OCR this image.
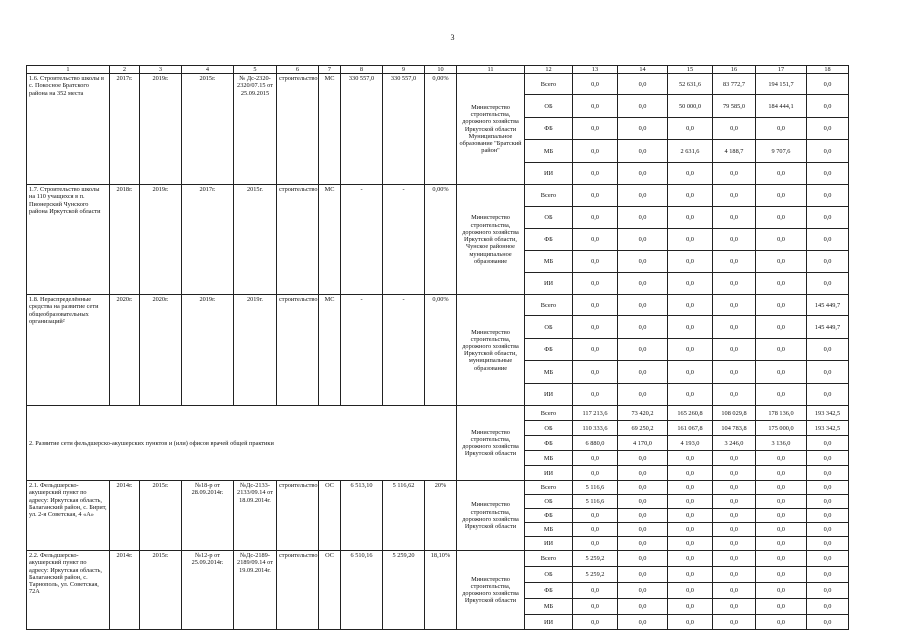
3
1	2	3	4	5	6	7	8	9	10	11	12	13	14	15	16	17	18
1.6. Строительство школы в с. Покосное Братского района на 352 места	2017г.	2019г.	2015г.	№ Дс-2320-2320/07.15 от 25.09.2015	строительство	МС	330 557,0	330 557,0	0,00%	Министерство строительства, дорожного хозяйства Иркутской области Муниципальное образование "Братский район"	Всего	0,0	0,0	52 631,6	83 772,7	194 151,7	0,0
											ОБ	0,0	0,0	50 000,0	79 585,0	184 444,1	0,0
											ФБ	0,0	0,0	0,0	0,0	0,0	0,0
											МБ	0,0	0,0	2 631,6	4 188,7	9 707,6	0,0
											ИИ	0,0	0,0	0,0	0,0	0,0	0,0
1.7. Строительство школы на 110 учащихся в п. Пионерский Чунского района Иркутской области	2018г.	2019г.	2017г.	2015г.	строительство	МС	-	-	0,00%	Министерство строительства, дорожного хозяйства Иркутской области, Чунское районное муниципальное образование	Всего	0,0	0,0	0,0	0,0	0,0	0,0
											ОБ	0,0	0,0	0,0	0,0	0,0	0,0
											ФБ	0,0	0,0	0,0	0,0	0,0	0,0
											МБ	0,0	0,0	0,0	0,0	0,0	0,0
											ИИ	0,0	0,0	0,0	0,0	0,0	0,0
1.8. Нераспределённые средства на развитие сети общеобразовательных организаций²	2020г.	2020г.	2019г.	2019г.	строительство	МС	-	-	0,00%	Министерство строительства, дорожного хозяйства Иркутской области, муниципальные образование	Всего	0,0	0,0	0,0	0,0	0,0	145 449,7
											ОБ	0,0	0,0	0,0	0,0	0,0	145 449,7
											ФБ	0,0	0,0	0,0	0,0	0,0	0,0
											МБ	0,0	0,0	0,0	0,0	0,0	0,0
											ИИ	0,0	0,0	0,0	0,0	0,0	0,0
2. Развитие сети фельдшерско-акушерских пунктов и (или) офисов врачей общей практики										Министерство строительства, дорожного хозяйства Иркутской области	Всего	117 213,6	73 420,2	165 260,8	108 029,8	178 136,0	193 342,5
											ОБ	110 333,6	69 250,2	161 067,8	104 783,8	175 000,0	193 342,5
											ФБ	6 880,0	4 170,0	4 193,0	3 246,0	3 136,0	0,0
											МБ	0,0	0,0	0,0	0,0	0,0	0,0
											ИИ	0,0	0,0	0,0	0,0	0,0	0,0
2.1. Фельдшерско-акушерский пункт по адресу: Иркутская область, Балаганский район, с. Бирит, ул. 2-я Советская, 4 «А»	2014г.	2015г.	№18-р от 28.09.2014г.	№Дс-2133-2133/09.14 от 18.09.2014г.	строительство	ОС	6 513,10	5 116,62	20%	Министерство строительства, дорожного хозяйства Иркутской области	Всего	5 116,6	0,0	0,0	0,0	0,0	0,0
											ОБ	5 116,6	0,0	0,0	0,0	0,0	0,0
											ФБ	0,0	0,0	0,0	0,0	0,0	0,0
											МБ	0,0	0,0	0,0	0,0	0,0	0,0
											ИИ	0,0	0,0	0,0	0,0	0,0	0,0
2.2. Фельдшерско-акушерский пункт по адресу: Иркутская область, Балаганский район, с. Тарнополь, ул. Советская, 72А	2014г.	2015г.	№12-р от 25.09.2014г.	№Дс-2189-2189/09.14 от 19.09.2014г.	строительство	ОС	6 510,16	5 259,20	18,10%	Министерство строительства, дорожного хозяйства Иркутской области	Всего	5 259,2	0,0	0,0	0,0	0,0	0,0
											ОБ	5 259,2	0,0	0,0	0,0	0,0	0,0
											ФБ	0,0	0,0	0,0	0,0	0,0	0,0
											МБ	0,0	0,0	0,0	0,0	0,0	0,0
											ИИ	0,0	0,0	0,0	0,0	0,0	0,0
